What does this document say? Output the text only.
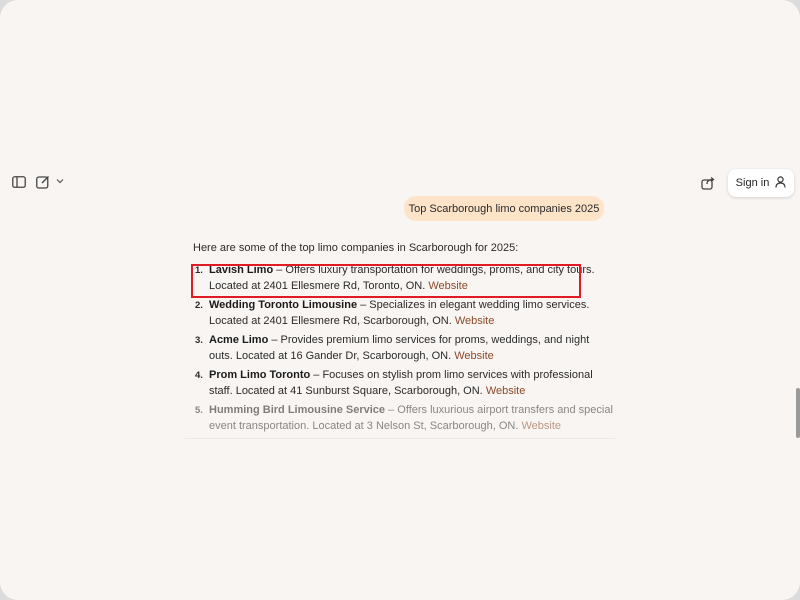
Sign in
Top Scarborough limo companies 2025

Here are some of the top limo companies in Scarborough for 2025:

1. Lavish Limo – Offers luxury transportation for weddings, proms, and city tours. Located at 2401 Ellesmere Rd, Toronto, ON. Website
2. Wedding Toronto Limousine – Specializes in elegant wedding limo services. Located at 2401 Ellesmere Rd, Scarborough, ON. Website
3. Acme Limo – Provides premium limo services for proms, weddings, and night outs. Located at 16 Gander Dr, Scarborough, ON. Website
4. Prom Limo Toronto – Focuses on stylish prom limo services with professional staff. Located at 41 Sunburst Square, Scarborough, ON. Website
5. Humming Bird Limousine Service – Offers luxurious airport transfers and special event transportation. Located at 3 Nelson St, Scarborough, ON. Website
